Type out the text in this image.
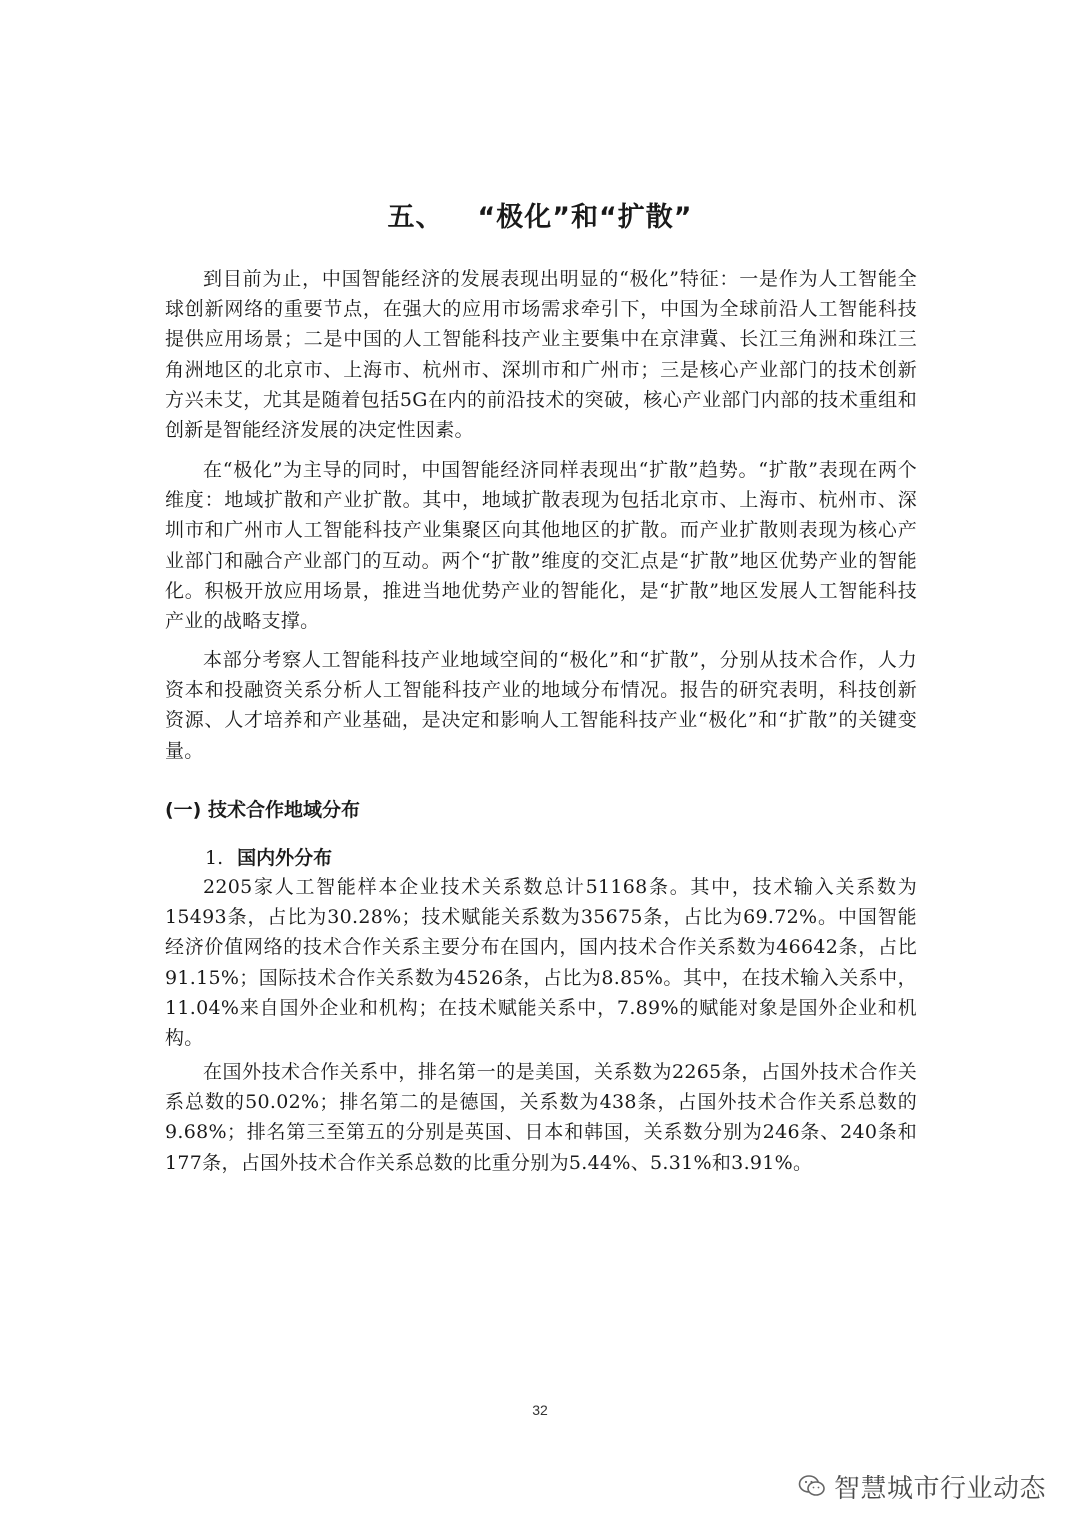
五、 “极化”和“扩散”

到目前为止，中国智能经济的发展表现出明显的“极化”特征：一是作为人工智能全球创新网络的重要节点，在强大的应用市场需求牵引下，中国为全球前沿人工智能科技提供应用场景；二是中国的人工智能科技产业主要集中在京津冀、长江三角洲和珠江三角洲地区的北京市、上海市、杭州市、深圳市和广州市；三是核心产业部门的技术创新方兴未艾，尤其是随着包括5G在内的前沿技术的突破，核心产业部门内部的技术重组和创新是智能经济发展的决定性因素。

在“极化”为主导的同时，中国智能经济同样表现出“扩散”趋势。“扩散”表现在两个维度：地域扩散和产业扩散。其中，地域扩散表现为包括北京市、上海市、杭州市、深圳市和广州市人工智能科技产业集聚区向其他地区的扩散。而产业扩散则表现为核心产业部门和融合产业部门的互动。两个“扩散”维度的交汇点是“扩散”地区优势产业的智能化。积极开放应用场景，推进当地优势产业的智能化，是“扩散”地区发展人工智能科技产业的战略支撑。

本部分考察人工智能科技产业地域空间的“极化”和“扩散”，分别从技术合作，人力资本和投融资关系分析人工智能科技产业的地域分布情况。报告的研究表明，科技创新资源、人才培养和产业基础，是决定和影响人工智能科技产业“极化”和“扩散”的关键变量。

(一) 技术合作地域分布
1. 国内外分布

2205家人工智能样本企业技术关系数总计51168条。其中，技术输入关系数为15493条，占比为30.28%；技术赋能关系数为35675条，占比为69.72%。中国智能经济价值网络的技术合作关系主要分布在国内，国内技术合作关系数为46642条，占比91.15%；国际技术合作关系数为4526条，占比为8.85%。其中，在技术输入关系中，11.04%来自国外企业和机构；在技术赋能关系中，7.89%的赋能对象是国外企业和机构。

在国外技术合作关系中，排名第一的是美国，关系数为2265条，占国外技术合作关系总数的50.02%；排名第二的是德国，关系数为438条，占国外技术合作关系总数的9.68%；排名第三至第五的分别是英国、日本和韩国，关系数分别为246条、240条和177条，占国外技术合作关系总数的比重分别为5.44%、5.31%和3.91%。

32
智慧城市行业动态
